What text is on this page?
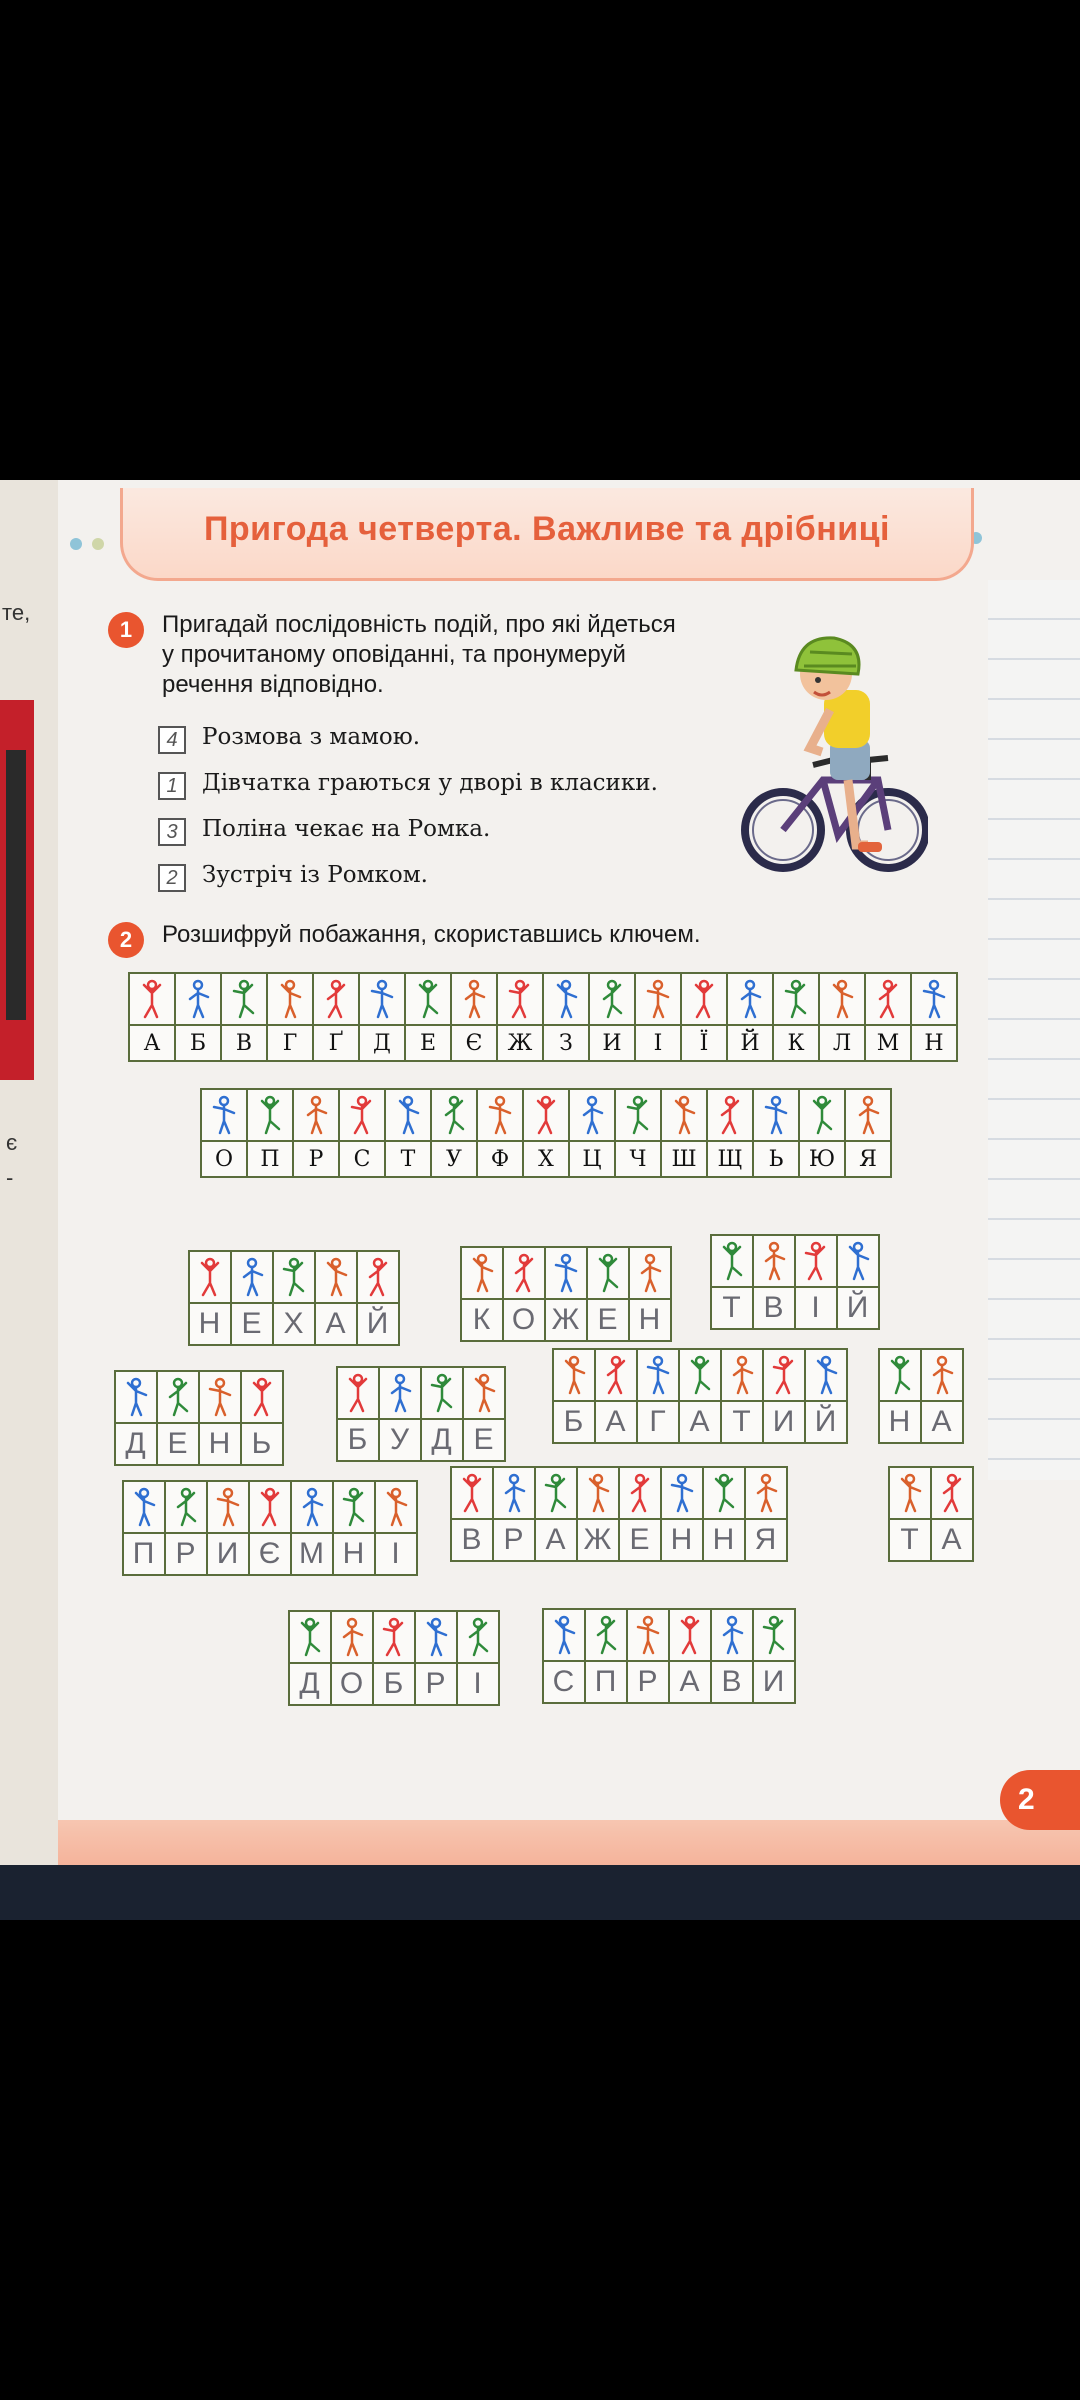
те,
є
-
Пригода четверта. Важливе та дрібниці
1	Пригадай послідовність подій, про які йдеться
у прочитаному оповіданні, та пронумеруй
речення відповідно.
4	Розмова з мамою.
1	Дівчатка граються у дворі в класики.
3	Поліна чекає на Ромка.
2	Зустріч із Ромком.
2	Розшифруй побажання, скориставшись ключем.

А	Б	В	Г	Ґ	Д	Е	Є	Ж	З	И	І	Ї	Й	К	Л	М	Н

О	П	Р	С	Т	У	Ф	Х	Ц	Ч	Ш	Щ	Ь	Ю	Я

Н	Е	Х	А	Й

		К	О	Ж	Е	Н

	Т	В	І	Й

Д	Е	Н	Ь

		Б	У	Д	Е

Б	А	Г	А	Т	И	Й
	Н	А

П	Р	И	Є	М	Н	І

	В	Р	А	Ж	Е	Н	Н	Я
		Т	А

Д	О	Б	Р	І

	С	П	Р	А	В	И
2
